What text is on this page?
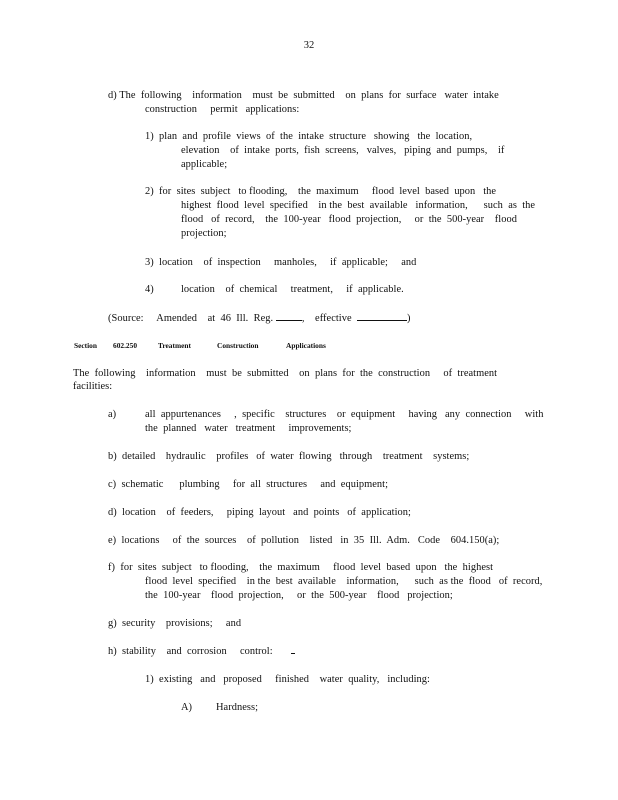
32
d) The  following    information    must  be  submitted    on  plans  for  surface   water  intake
construction     permit   applications:
1)  plan  and  profile  views  of  the  intake  structure   showing   the  location,
elevation    of  intake  ports,  fish  screens,   valves,   piping  and  pumps,    if
applicable;
2)  for  sites  subject   to flooding,    the  maximum     flood  level  based  upon   the
highest  flood  level  specified    in the  best  available   information,      such  as  the
flood   of  record,    the  100-year   flood  projection,     or  the  500-year    flood
projection;
3)  location    of  inspection     manholes,     if  applicable;     and
4)	location    of  chemical     treatment,     if  applicable.
(Source:     Amended    at  46  Ill.  Reg.	,    effective	)
Section 602.250	Treatment	Construction	Applications
The  following    information    must  be  submitted    on  plans  for  the  construction     of  treatment
facilities:
a)	all  appurtenances     ,  specific    structures    or  equipment     having   any  connection     with
the  planned   water   treatment     improvements;
b)  detailed    hydraulic    profiles   of  water  flowing   through    treatment    systems;
c)  schematic      plumbing     for  all  structures     and  equipment;
d)  location    of  feeders,     piping  layout   and  points   of  application;
e)  locations     of  the  sources    of  pollution    listed   in  35  Ill.  Adm.   Code    604.150(a);
f)  for  sites  subject   to flooding,    the  maximum     flood  level  based  upon   the  highest
flood  level  specified    in the  best  available    information,      such  as the  flood   of  record,
the  100-year    flood  projection,     or  the  500-year    flood   projection;
g)  security    provisions;     and
h)  stability    and  corrosion     control:
1)  existing   and   proposed     finished    water  quality,   including:
A) Hardness;
